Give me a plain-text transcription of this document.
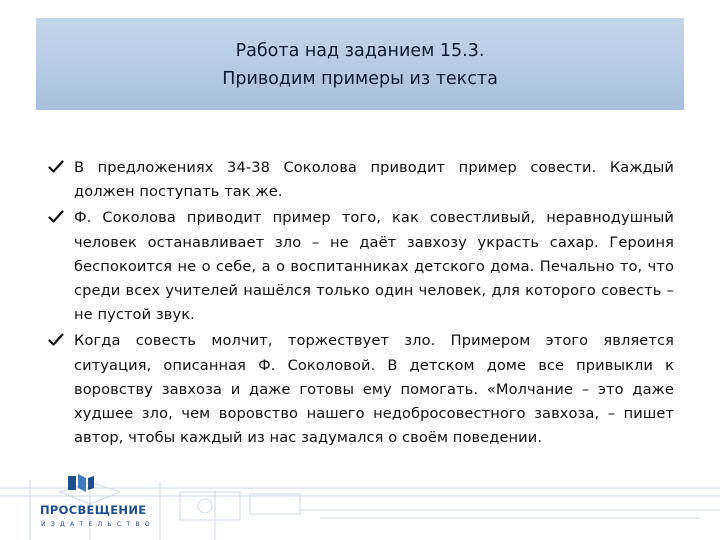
Работа над заданием 15.3.
Приводим примеры из текста
В предложениях 34-38 Соколова приводит пример совести. Каждый должен поступать так же.
Ф. Соколова приводит пример того, как совестливый, неравнодушный человек останавливает зло – не даёт завхозу украсть сахар. Героиня беспокоится не о себе, а о воспитанниках детского дома. Печально то, что среди всех учителей нашёлся только один человек, для которого совесть – не пустой звук.
Когда совесть молчит, торжествует зло. Примером этого является ситуация, описанная Ф. Соколовой. В детском доме все привыкли к воровству завхоза и даже готовы ему помогать. «Молчание – это даже худшее зло, чем воровство нашего недобросовестного завхоза, – пишет автор, чтобы каждый из нас задумался о своём поведении.
ПРОСВЕЩЕНИЕ
ИЗДАТЕЛЬСТВО
